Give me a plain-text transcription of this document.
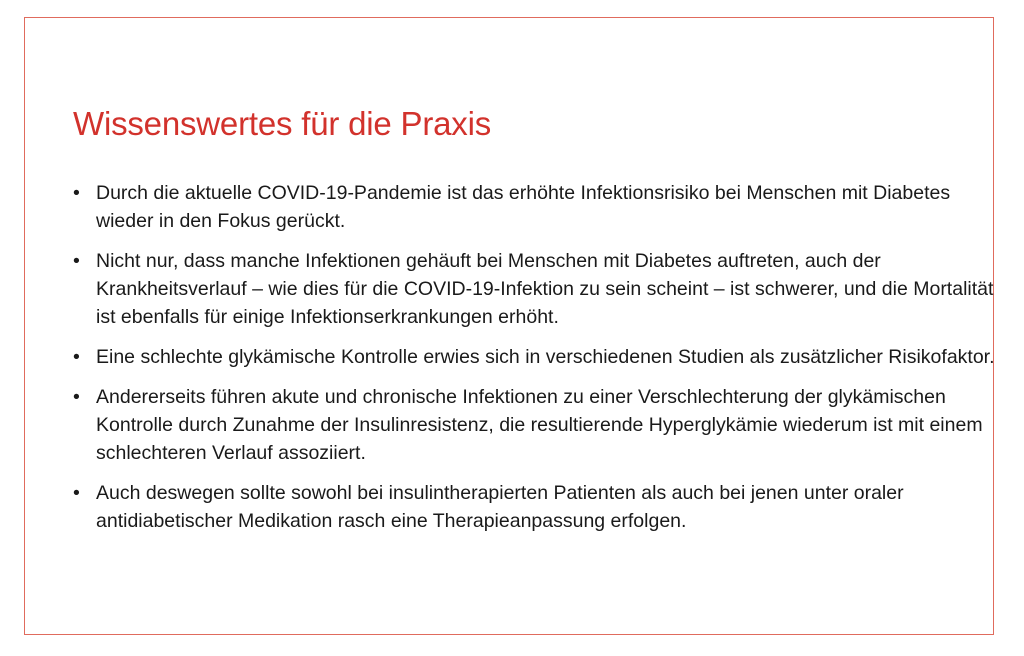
Wissenswertes für die Praxis
• Durch die aktuelle COVID-19-Pandemie ist das erhöhte Infektionsrisiko bei Menschen mit Diabetes wieder in den Fokus gerückt.
• Nicht nur, dass manche Infektionen gehäuft bei Menschen mit Diabetes auftreten, auch der Krankheitsverlauf – wie dies für die COVID-19-Infektion zu sein scheint – ist schwerer, und die Mortalität ist ebenfalls für einige Infektionserkrankungen erhöht.
• Eine schlechte glykämische Kontrolle erwies sich in verschiedenen Studien als zusätzlicher Risikofaktor.
• Andererseits führen akute und chronische Infektionen zu einer Verschlechterung der glykämischen Kontrolle durch Zunahme der Insulinresistenz, die resultierende Hyperglykämie wiederum ist mit einem schlechteren Verlauf assoziiert.
• Auch deswegen sollte sowohl bei insulintherapierten Patienten als auch bei jenen unter oraler antidiabetischer Medikation rasch eine Therapieanpassung erfolgen.
